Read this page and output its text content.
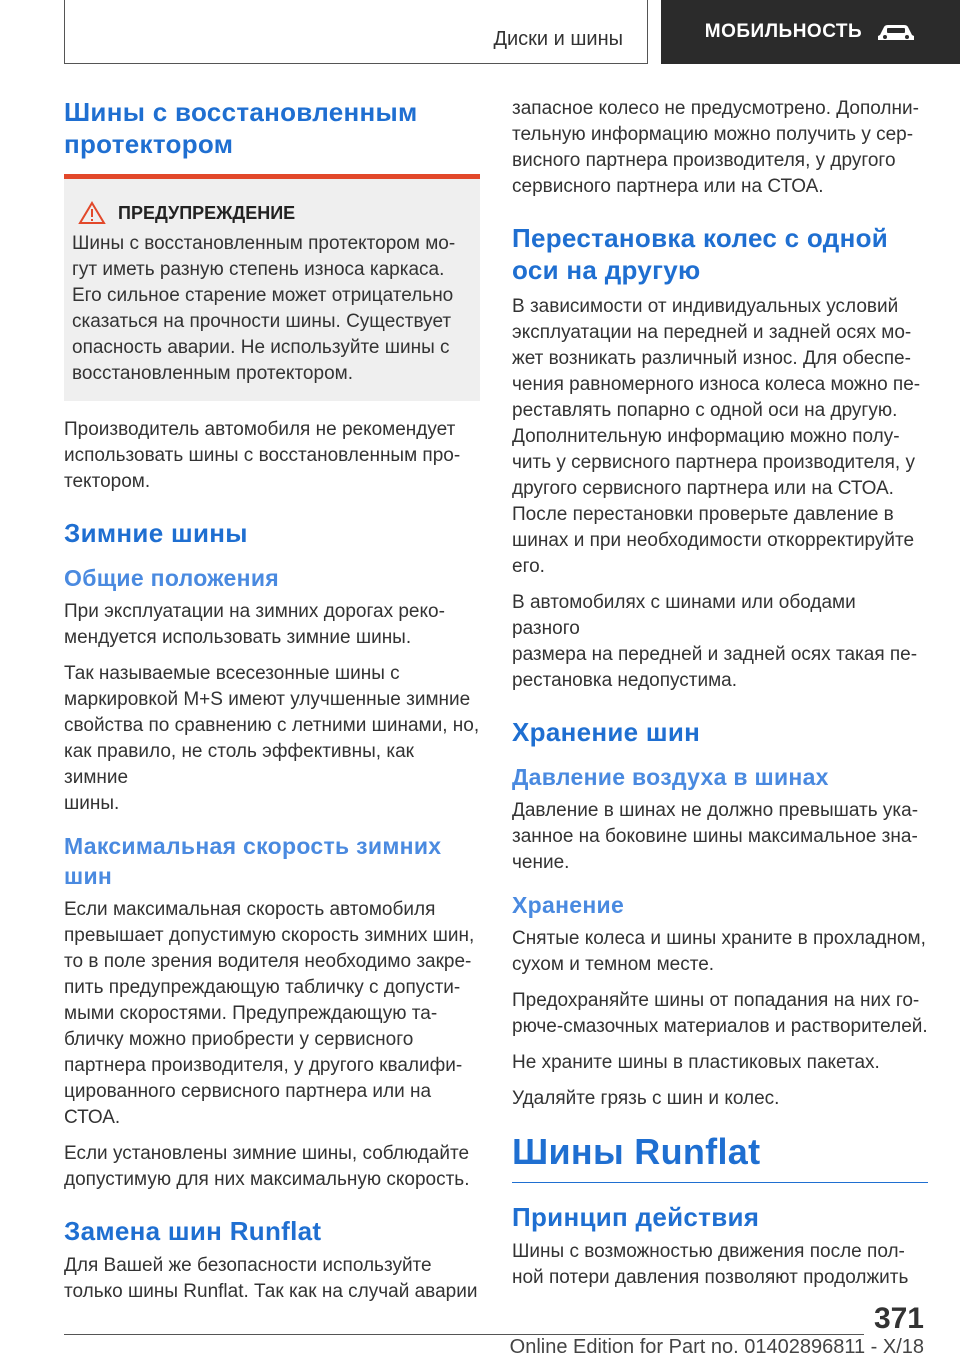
Диски и шины	МОБИЛЬНОСТЬ
Шины с восстановленным протектором
ПРЕДУПРЕЖДЕНИЕ

Шины с восстановленным протектором мо-
гут иметь разную степень износа каркаса.
Его сильное старение может отрицательно
сказаться на прочности шины. Существует
опасность аварии. Не используйте шины с
восстановленным протектором.

Производитель автомобиля не рекомендует
использовать шины с восстановленным про-
тектором.

Зимние шины
Общие положения

При эксплуатации на зимних дорогах реко-
мендуется использовать зимние шины.

Так называемые всесезонные шины с
маркировкой M+S имеют улучшенные зимние
свойства по сравнению с летними шинами, но,
как правило, не столь эффективны, как зимние
шины.

Максимальная скорость зимних шин

Если максимальная скорость автомобиля
превышает допустимую скорость зимних шин,
то в поле зрения водителя необходимо закре-
пить предупреждающую табличку с допусти-
мыми скоростями. Предупреждающую та-
бличку можно приобрести у сервисного
партнера производителя, у другого квалифи-
цированного сервисного партнера или на
СТОА.

Если установлены зимние шины, соблюдайте
допустимую для них максимальную скорость.

Замена шин Runflat

Для Вашей же безопасности используйте
только шины Runflat. Так как на случай аварии

запасное колесо не предусмотрено. Дополни-
тельную информацию можно получить у сер-
висного партнера производителя, у другого
сервисного партнера или на СТОА.

Перестановка колес с одной оси на другую

В зависимости от индивидуальных условий
эксплуатации на передней и задней осях мо-
жет возникать различный износ. Для обеспе-
чения равномерного износа колеса можно пе-
реставлять попарно с одной оси на другую.
Дополнительную информацию можно полу-
чить у сервисного партнера производителя, у
другого сервисного партнера или на СТОА.
После перестановки проверьте давление в
шинах и при необходимости откорректируйте
его.

В автомобилях с шинами или ободами разного
размера на передней и задней осях такая пе-
рестановка недопустима.

Хранение шин
Давление воздуха в шинах

Давление в шинах не должно превышать ука-
занное на боковине шины максимальное зна-
чение.

Хранение

Снятые колеса и шины храните в прохладном,
сухом и темном месте.

Предохраняйте шины от попадания на них го-
рюче-смазочных материалов и растворителей.

Не храните шины в пластиковых пакетах.

Удаляйте грязь с шин и колес.

Шины Runflat
Принцип действия

Шины с возможностью движения после пол-
ной потери давления позволяют продолжить

371
Online Edition for Part no. 01402896811 - X/18
